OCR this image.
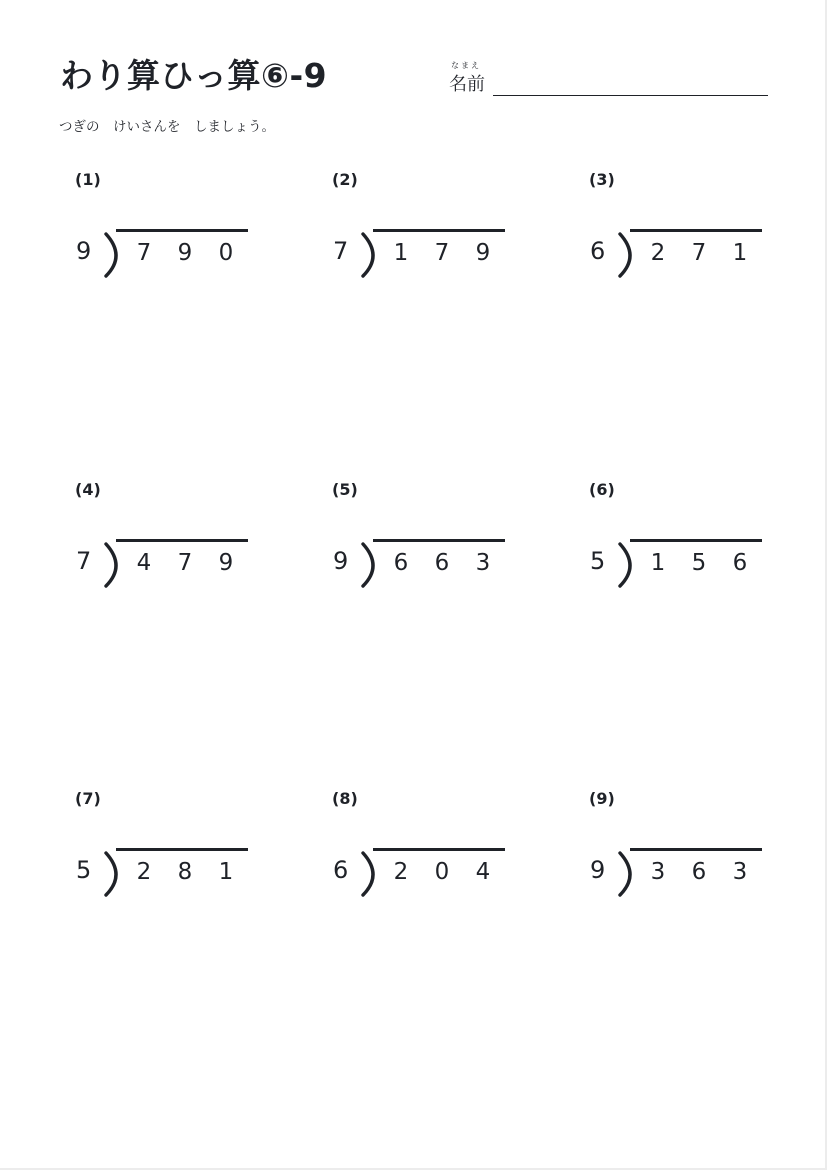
わり算ひっ算⑥-9	なまえ
名前
つぎの　けいさんを　しましょう。
(1)
9 7 9 0
(2)
7 1 7 9
(3)
6 2 7 1
(4)
7 4 7 9
(5)
9 6 6 3
(6)
5 1 5 6
(7)
5 2 8 1
(8)
6 2 0 4
(9)
9 3 6 3
